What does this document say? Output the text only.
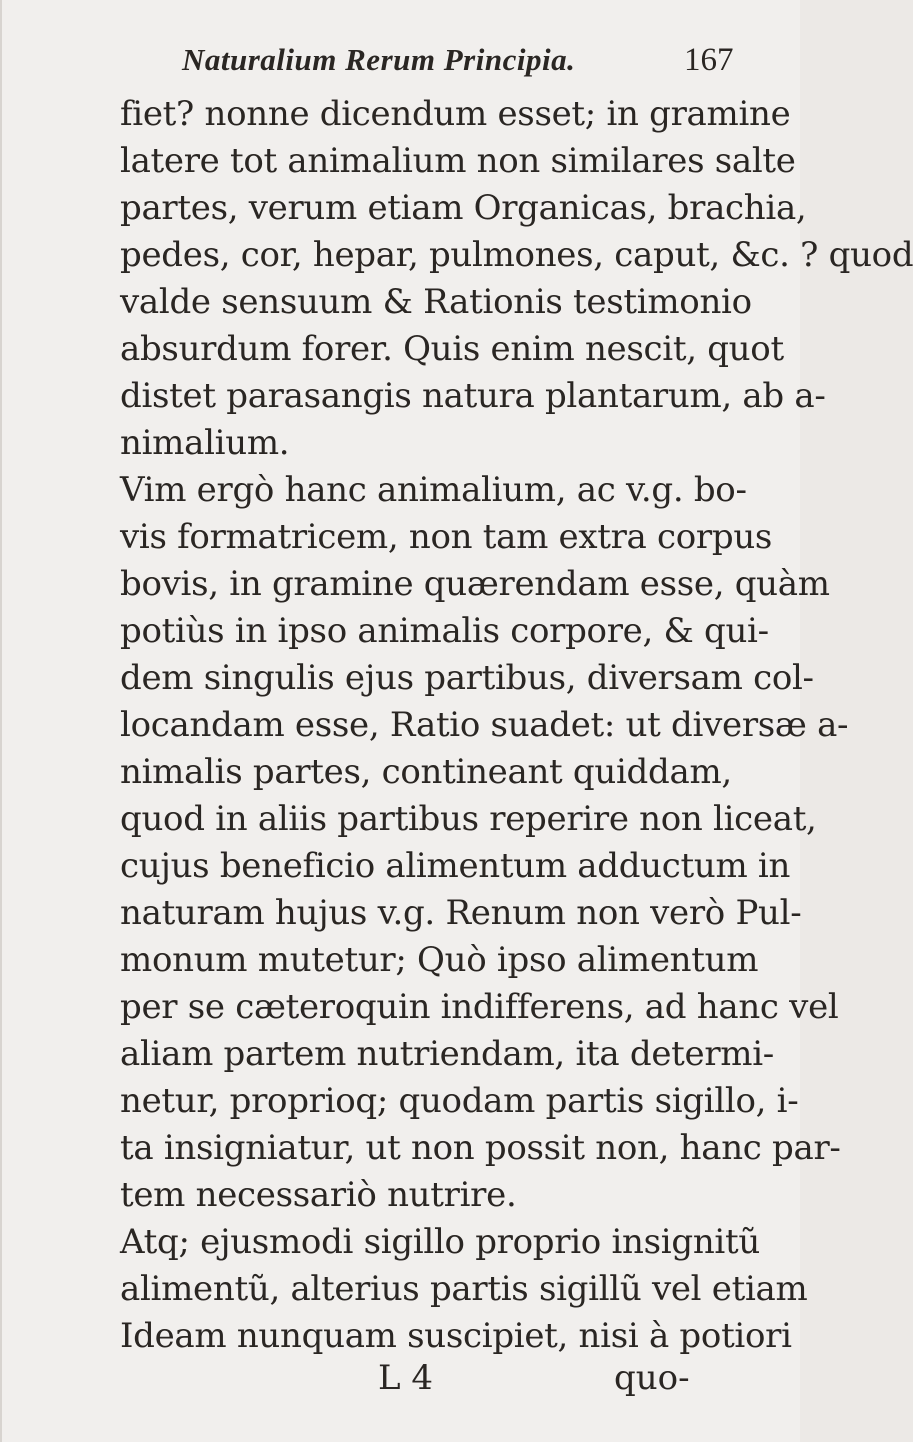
Naturalium Rerum Principia.	167
fiet? nonne dicendum esset; in gramine
latere tot animalium non similares salte
partes, verum etiam Organicas, brachia,
pedes, cor, hepar, pulmones, caput, &c. ? quod
valde sensuum & Rationis testimonio
absurdum forer. Quis enim nescit, quot
distet parasangis natura plantarum, ab a-
nimalium.
Vim ergò hanc animalium, ac v.g. bo-
vis formatricem, non tam extra corpus
bovis, in gramine quærendam esse, quàm
potiùs in ipso animalis corpore, & qui-
dem singulis ejus partibus, diversam col-
locandam esse, Ratio suadet: ut diversæ a-
nimalis partes, contineant quiddam,
quod in aliis partibus reperire non liceat,
cujus beneficio alimentum adductum in
naturam hujus v.g. Renum non verò Pul-
monum mutetur; Quò ipso alimentum
per se cæteroquin indifferens, ad hanc vel
aliam partem nutriendam, ita determi-
netur, proprioq; quodam partis sigillo, i-
ta insigniatur, ut non possit non, hanc par-
tem necessariò nutrire.
Atq; ejusmodi sigillo proprio insignitũ
alimentũ, alterius partis sigillũ vel etiam
Ideam nunquam suscipiet, nisi à potiori
L 4	quo-
